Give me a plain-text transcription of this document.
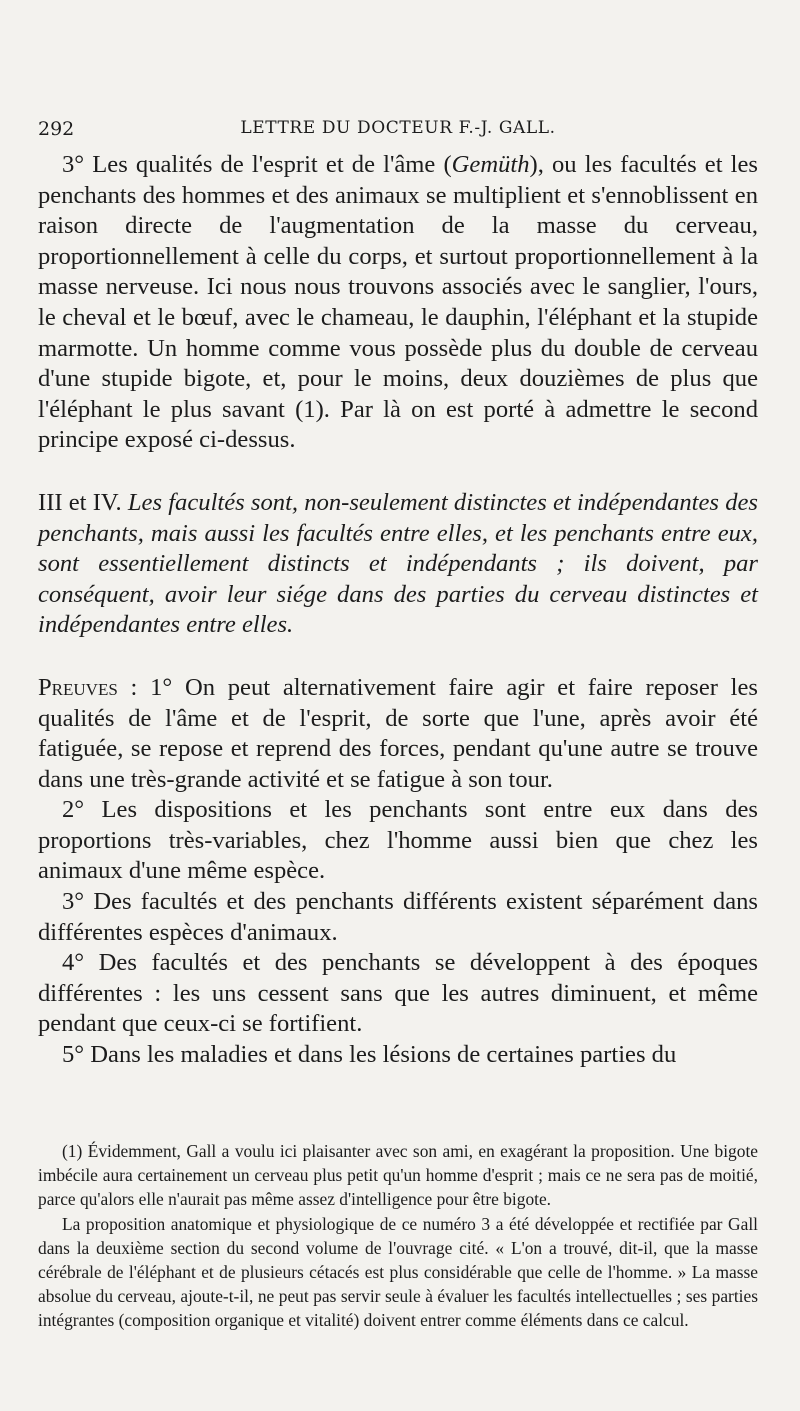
292	LETTRE DU DOCTEUR F.-J. GALL.

3° Les qualités de l'esprit et de l'âme (Gemüth), ou les facultés et les penchants des hommes et des animaux se multiplient et s'ennoblissent en raison directe de l'augmentation de la masse du cerveau, proportionnellement à celle du corps, et surtout proportionnellement à la masse nerveuse. Ici nous nous trouvons associés avec le sanglier, l'ours, le cheval et le bœuf, avec le chameau, le dauphin, l'éléphant et la stupide marmotte. Un homme comme vous possède plus du double de cerveau d'une stupide bigote, et, pour le moins, deux douzièmes de plus que l'éléphant le plus savant (1). Par là on est porté à admettre le second principe exposé ci-dessus.

III et IV. Les facultés sont, non-seulement distinctes et indépendantes des penchants, mais aussi les facultés entre elles, et les penchants entre eux, sont essentiellement distincts et indépendants ; ils doivent, par conséquent, avoir leur siége dans des parties du cerveau distinctes et indépendantes entre elles.

Preuves : 1° On peut alternativement faire agir et faire reposer les qualités de l'âme et de l'esprit, de sorte que l'une, après avoir été fatiguée, se repose et reprend des forces, pendant qu'une autre se trouve dans une très-grande activité et se fatigue à son tour.

2° Les dispositions et les penchants sont entre eux dans des proportions très-variables, chez l'homme aussi bien que chez les animaux d'une même espèce.

3° Des facultés et des penchants différents existent séparément dans différentes espèces d'animaux.

4° Des facultés et des penchants se développent à des époques différentes : les uns cessent sans que les autres diminuent, et même pendant que ceux-ci se fortifient.

5° Dans les maladies et dans les lésions de certaines parties du

(1) Évidemment, Gall a voulu ici plaisanter avec son ami, en exagérant la proposition. Une bigote imbécile aura certainement un cerveau plus petit qu'un homme d'esprit ; mais ce ne sera pas de moitié, parce qu'alors elle n'aurait pas même assez d'intelligence pour être bigote.

La proposition anatomique et physiologique de ce numéro 3 a été développée et rectifiée par Gall dans la deuxième section du second volume de l'ouvrage cité. « L'on a trouvé, dit-il, que la masse cérébrale de l'éléphant et de plusieurs cétacés est plus considérable que celle de l'homme. » La masse absolue du cerveau, ajoute-t-il, ne peut pas servir seule à évaluer les facultés intellectuelles ; ses parties intégrantes (composition organique et vitalité) doivent entrer comme éléments dans ce calcul.
